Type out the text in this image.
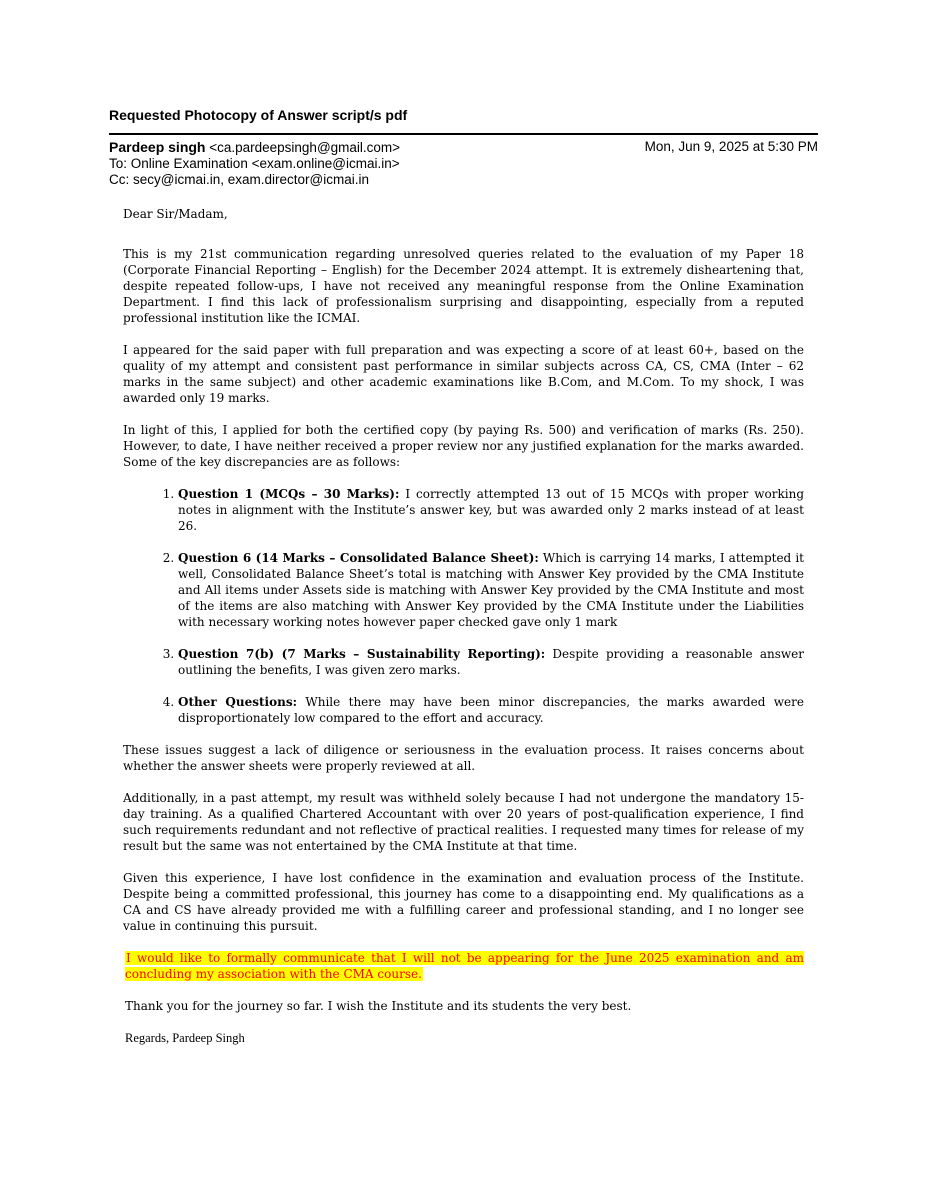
Requested Photocopy of Answer script/s pdf
Pardeep singh <ca.pardeepsingh@gmail.com>	Mon, Jun 9, 2025 at 5:30 PM
To: Online Examination <exam.online@icmai.in>
Cc: secy@icmai.in, exam.director@icmai.in

Dear Sir/Madam,

This is my 21st communication regarding unresolved queries related to the evaluation of my Paper 18 (Corporate Financial Reporting – English) for the December 2024 attempt. It is extremely disheartening that, despite repeated follow-ups, I have not received any meaningful response from the Online Examination Department. I find this lack of professionalism surprising and disappointing, especially from a reputed professional institution like the ICMAI.

I appeared for the said paper with full preparation and was expecting a score of at least 60+, based on the quality of my attempt and consistent past performance in similar subjects across CA, CS, CMA (Inter – 62 marks in the same subject) and other academic examinations like B.Com, and M.Com. To my shock, I was awarded only 19 marks.

In light of this, I applied for both the certified copy (by paying Rs. 500) and verification of marks (Rs. 250). However, to date, I have neither received a proper review nor any justified explanation for the marks awarded. Some of the key discrepancies are as follows:

1. Question 1 (MCQs – 30 Marks): I correctly attempted 13 out of 15 MCQs with proper working notes in alignment with the Institute’s answer key, but was awarded only 2 marks instead of at least 26.
2. Question 6 (14 Marks – Consolidated Balance Sheet): Which is carrying 14 marks, I attempted it well, Consolidated Balance Sheet’s total is matching with Answer Key provided by the CMA Institute and All items under Assets side is matching with Answer Key provided by the CMA Institute and most of the items are also matching with Answer Key provided by the CMA Institute under the Liabilities with necessary working notes however paper checked gave only 1 mark
3. Question 7(b) (7 Marks – Sustainability Reporting): Despite providing a reasonable answer outlining the benefits, I was given zero marks.
4. Other Questions: While there may have been minor discrepancies, the marks awarded were disproportionately low compared to the effort and accuracy.

These issues suggest a lack of diligence or seriousness in the evaluation process. It raises concerns about whether the answer sheets were properly reviewed at all.

Additionally, in a past attempt, my result was withheld solely because I had not undergone the mandatory 15-day training. As a qualified Chartered Accountant with over 20 years of post-qualification experience, I find such requirements redundant and not reflective of practical realities. I requested many times for release of my result but the same was not entertained by the CMA Institute at that time.

Given this experience, I have lost confidence in the examination and evaluation process of the Institute. Despite being a committed professional, this journey has come to a disappointing end. My qualifications as a CA and CS have already provided me with a fulfilling career and professional standing, and I no longer see value in continuing this pursuit.

I would like to formally communicate that I will not be appearing for the June 2025 examination and am concluding my association with the CMA course.

Thank you for the journey so far. I wish the Institute and its students the very best.

Regards, Pardeep Singh
